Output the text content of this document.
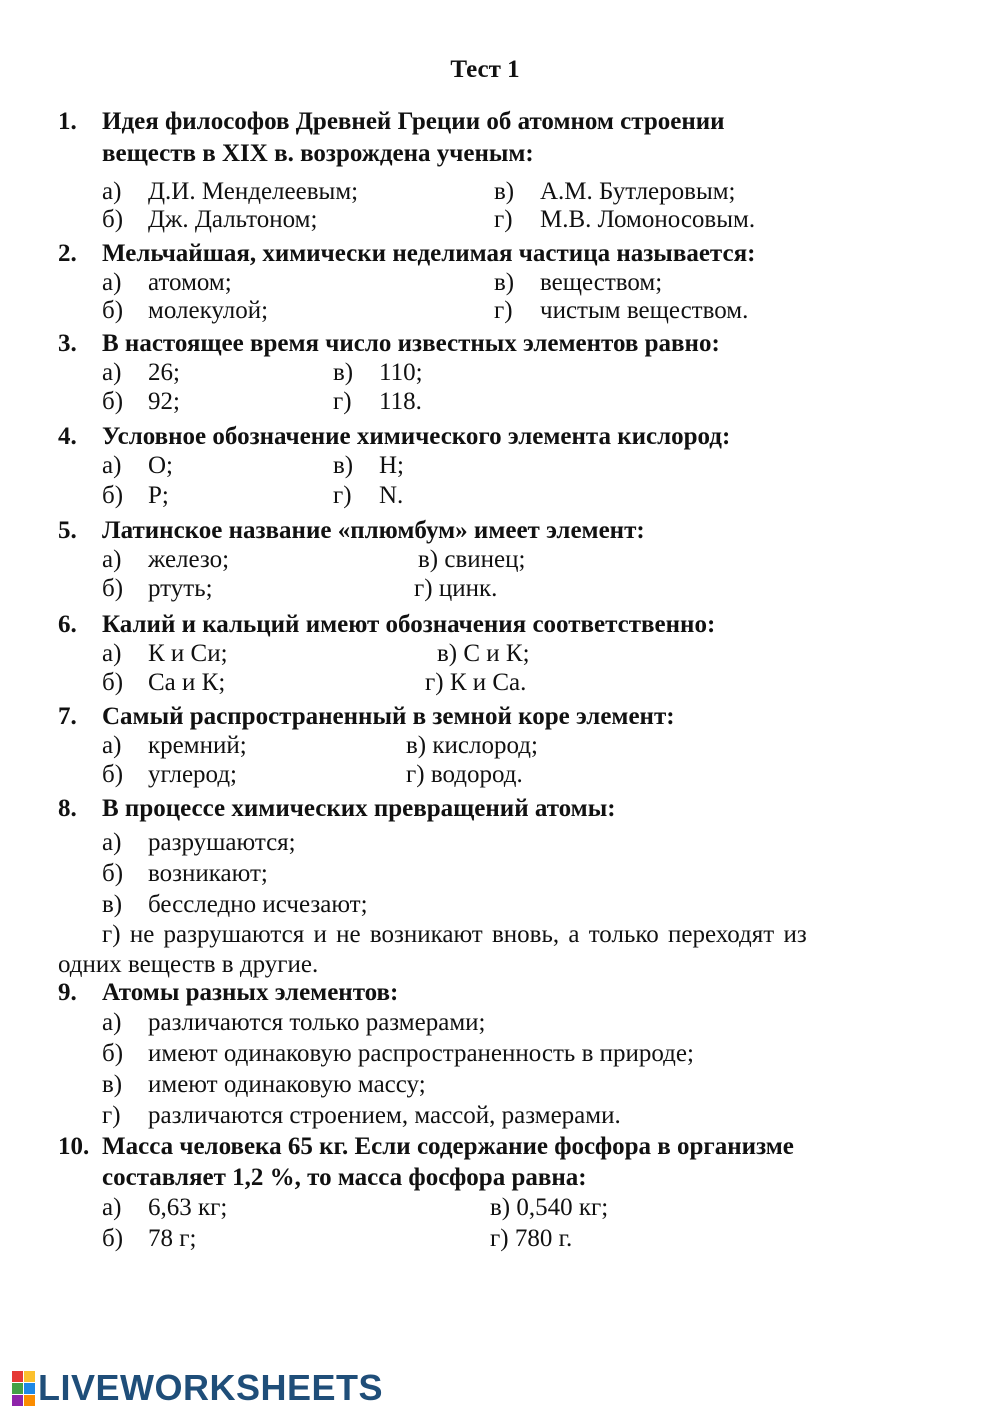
Тест 1
1. Идея философов Древней Греции об атомном строении
веществ в XIX в. возрождена ученым:
а) Д.И. Менделеевым;
б) Дж. Дальтоном;
в) А.М. Бутлеровым;
г) М.В. Ломоносовым.
2. Мельчайшая, химически неделимая частица называется:
а) атомом;
б) молекулой;
в) веществом;
г) чистым веществом.
3. В настоящее время число известных элементов равно:
а) 26;
б) 92;
в) 110;
г) 118.
4. Условное обозначение химического элемента кислород:
а) O;
б) P;
в) H;
г) N.
5. Латинское название «плюмбум» имеет элемент:
а) железо;
б) ртуть;
в) свинец;
г) цинк.
6. Калий и кальций имеют обозначения соответственно:
а) К и Си;
б) Са и К;
в) С и К;
г) К и Са.
7. Самый распространенный в земной коре элемент:
а) кремний;
б) углерод;
в) кислород;
г) водород.
8. В процессе химических превращений атомы:
а) разрушаются;
б) возникают;
в) бесследно исчезают;
г) не разрушаются и не возникают вновь, а только переходят из
одних веществ в другие.
9. Атомы разных элементов:
а) различаются только размерами;
б) имеют одинаковую распространенность в природе;
в) имеют одинаковую массу;
г) различаются строением, массой, размерами.
10. Масса человека 65 кг. Если содержание фосфора в организме
составляет 1,2 %, то масса фосфора равна:
а) 6,63 кг;
б) 78 г;
в) 0,540 кг;
г) 780 г.
LIVEWORKSHEETS
